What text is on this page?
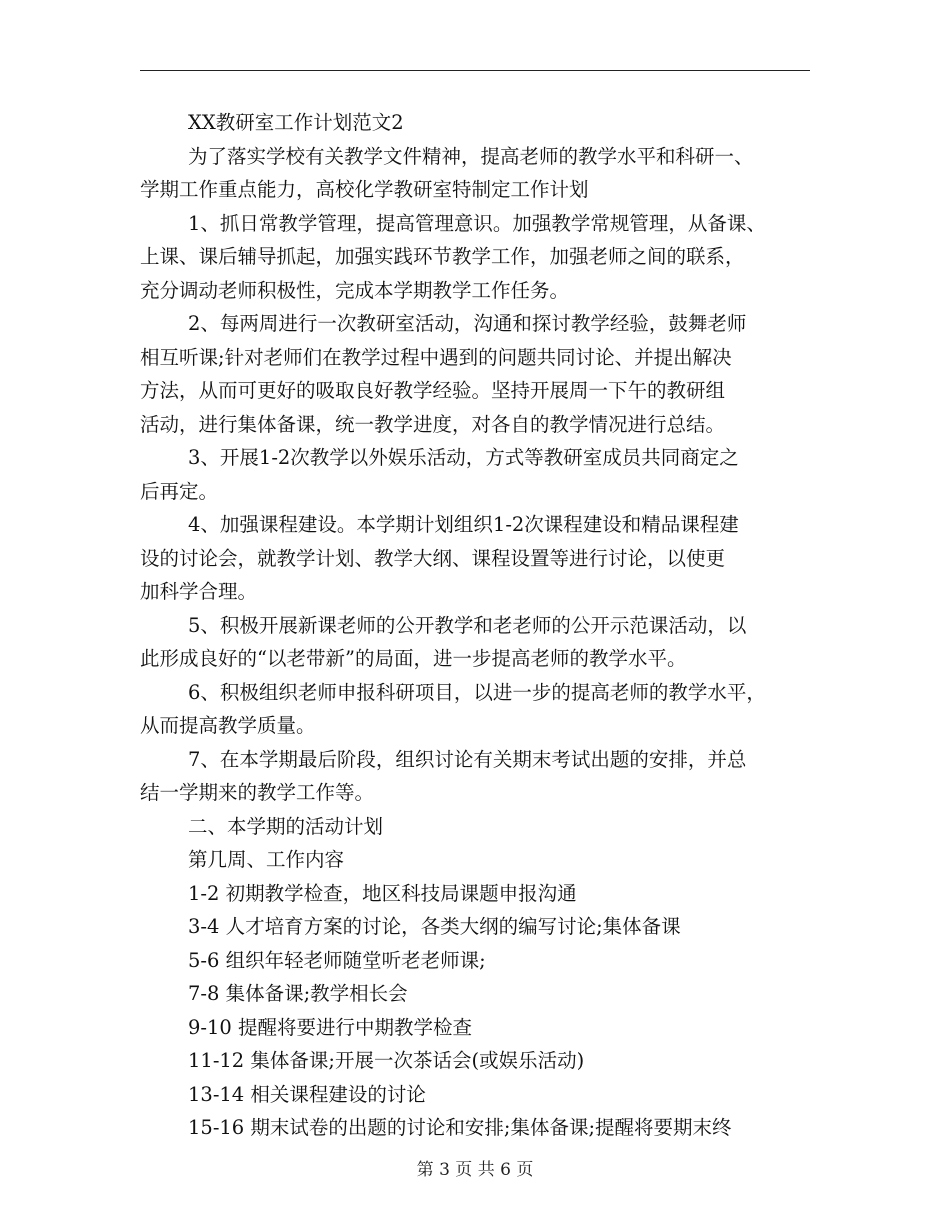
XX教研室工作计划范文2
为了落实学校有关教学文件精神，提高老师的教学水平和科研一、
学期工作重点能力，高校化学教研室特制定工作计划
1、抓日常教学管理，提高管理意识。加强教学常规管理，从备课、
上课、课后辅导抓起，加强实践环节教学工作，加强老师之间的联系，
充分调动老师积极性，完成本学期教学工作任务。
2、每两周进行一次教研室活动，沟通和探讨教学经验，鼓舞老师
相互听课;针对老师们在教学过程中遇到的问题共同讨论、并提出解决
方法，从而可更好的吸取良好教学经验。坚持开展周一下午的教研组
活动，进行集体备课，统一教学进度，对各自的教学情况进行总结。
3、开展1-2次教学以外娱乐活动，方式等教研室成员共同商定之
后再定。
4、加强课程建设。本学期计划组织1-2次课程建设和精品课程建
设的讨论会，就教学计划、教学大纲、课程设置等进行讨论，以使更
加科学合理。
5、积极开展新课老师的公开教学和老老师的公开示范课活动，以
此形成良好的“以老带新”的局面，进一步提高老师的教学水平。
6、积极组织老师申报科研项目，以进一步的提高老师的教学水平，
从而提高教学质量。
7、在本学期最后阶段，组织讨论有关期末考试出题的安排，并总
结一学期来的教学工作等。
二、本学期的活动计划
第几周、工作内容
1-2 初期教学检查，地区科技局课题申报沟通
3-4 人才培育方案的讨论，各类大纲的编写讨论;集体备课
5-6 组织年轻老师随堂听老老师课;
7-8 集体备课;教学相长会
9-10 提醒将要进行中期教学检查
11-12 集体备课;开展一次茶话会(或娱乐活动)
13-14 相关课程建设的讨论
15-16 期末试卷的出题的讨论和安排;集体备课;提醒将要期末终
第 3 页 共 6 页
